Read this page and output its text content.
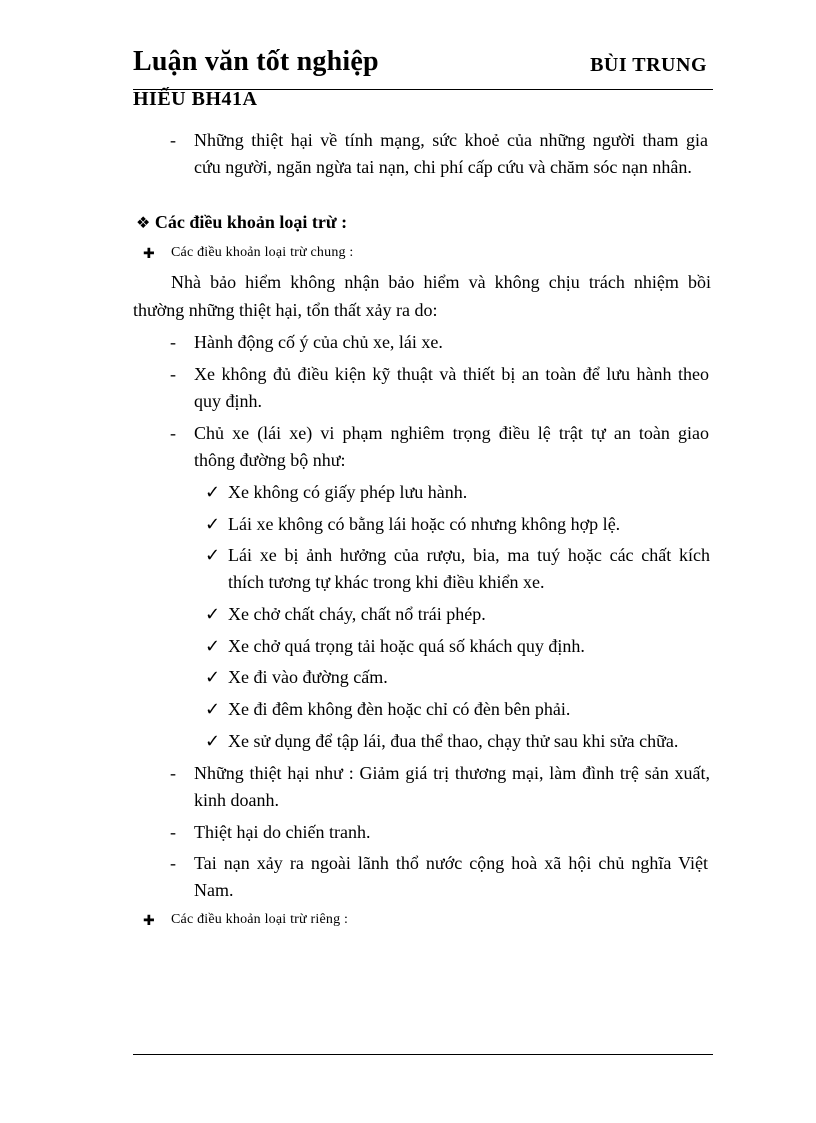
Luận văn tốt nghiệp	BÙI TRUNG
HIẾU BH41A
- Những thiệt hại về tính mạng, sức khoẻ của những người tham gia
cứu người, ngăn ngừa tai nạn, chi phí cấp cứu và chăm sóc nạn nhân.
❖ Các điều khoản loại trừ :
✚ Các điều khoản loại trừ chung :
Nhà bảo hiểm không nhận bảo hiểm và không chịu trách nhiệm bồi
thường những thiệt hại, tổn thất xảy ra do:
- Hành động cố ý của chủ xe, lái xe.
- Xe không đủ điều kiện kỹ thuật và thiết bị an toàn để lưu hành theo
quy định.
- Chủ xe (lái xe) vi phạm nghiêm trọng điều lệ trật tự an toàn giao
thông đường bộ như:
✓ Xe không có giấy phép lưu hành.
✓ Lái xe không có bằng lái hoặc có nhưng không hợp lệ.
✓ Lái xe bị ảnh hưởng của rượu, bia, ma tuý hoặc các chất kích
thích tương tự khác trong khi điều khiển xe.
✓ Xe chở chất cháy, chất nổ trái phép.
✓ Xe chở quá trọng tải hoặc quá số khách quy định.
✓ Xe đi vào đường cấm.
✓ Xe đi đêm không đèn hoặc chỉ có đèn bên phải.
✓ Xe sử dụng để tập lái, đua thể thao, chạy thử sau khi sửa chữa.
- Những thiệt hại như : Giảm giá trị thương mại, làm đình trệ sản xuất,
kinh doanh.
- Thiệt hại do chiến tranh.
- Tai nạn xảy ra ngoài lãnh thổ nước cộng hoà xã hội chủ nghĩa Việt
Nam.
✚ Các điều khoản loại trừ riêng :
